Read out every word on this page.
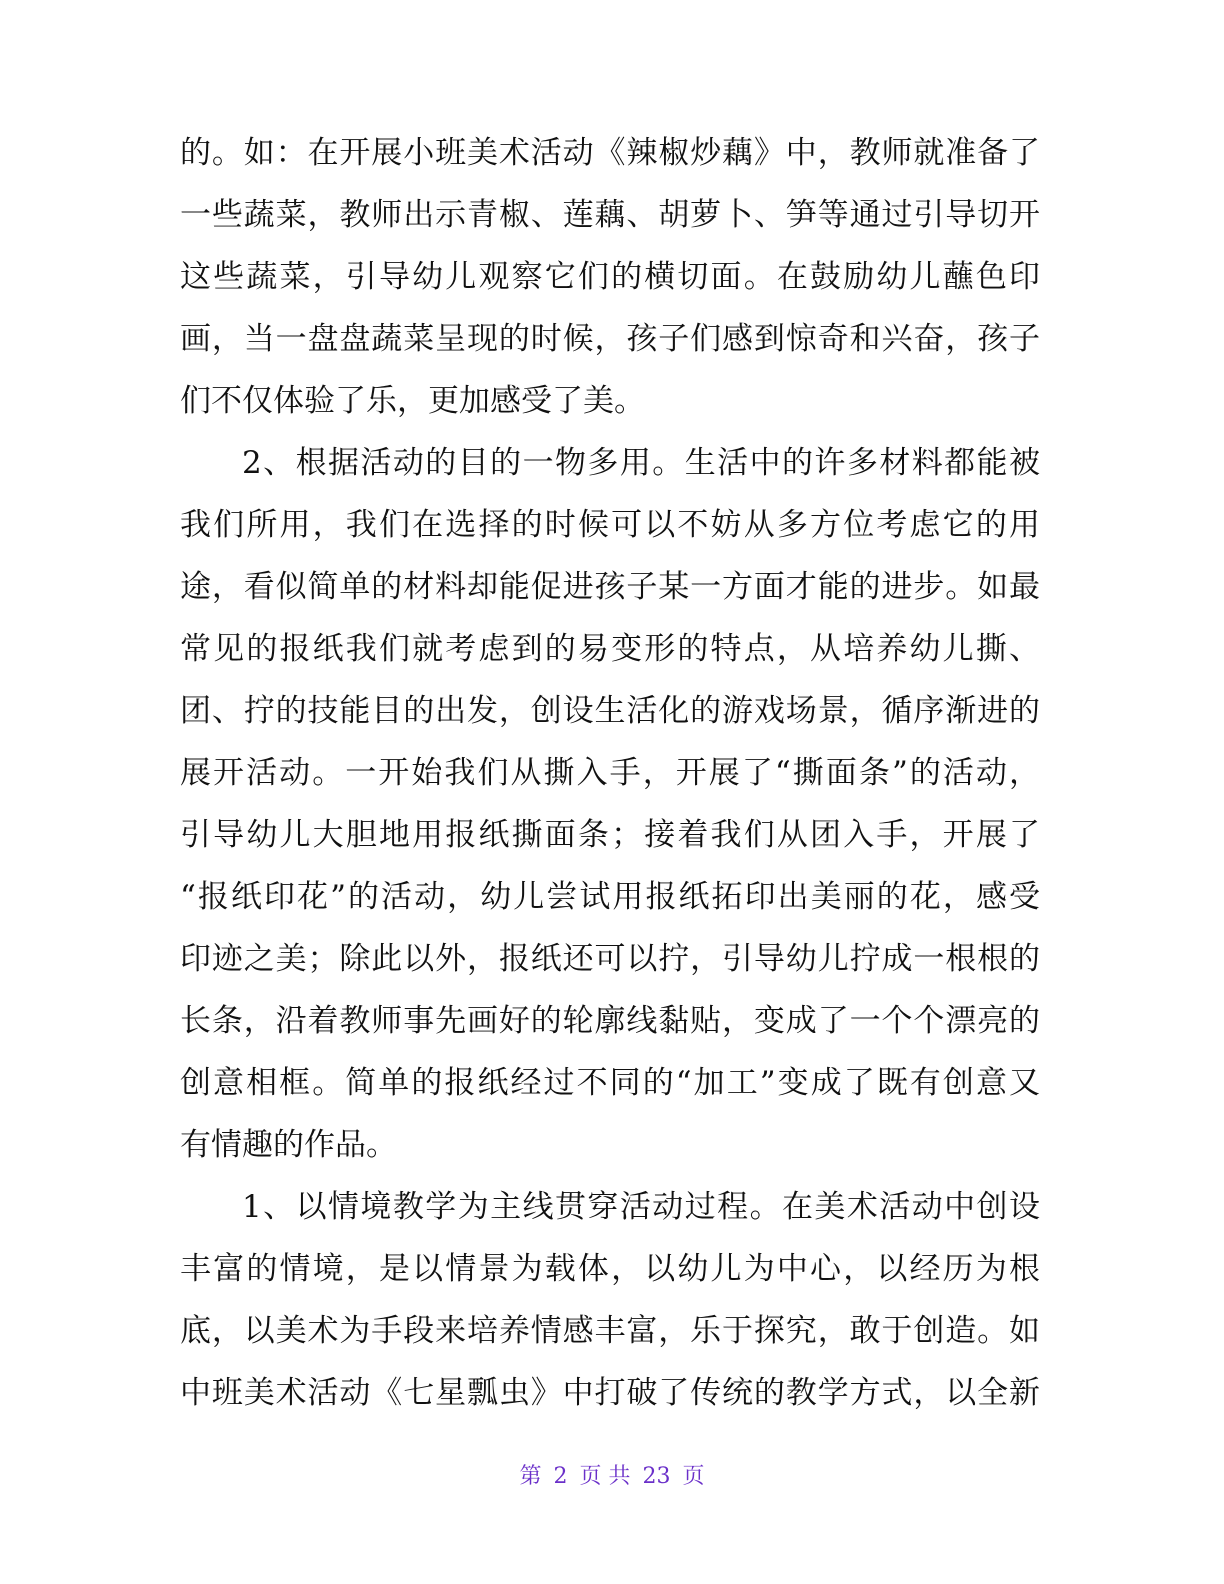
的。如：在开展小班美术活动《辣椒炒藕》中，教师就准备了
一些蔬菜，教师出示青椒、莲藕、胡萝卜、笋等通过引导切开
这些蔬菜，引导幼儿观察它们的横切面。在鼓励幼儿蘸色印
画，当一盘盘蔬菜呈现的时候，孩子们感到惊奇和兴奋，孩子
们不仅体验了乐，更加感受了美。
2、根据活动的目的一物多用。生活中的许多材料都能被
我们所用，我们在选择的时候可以不妨从多方位考虑它的用
途，看似简单的材料却能促进孩子某一方面才能的进步。如最
常见的报纸我们就考虑到的易变形的特点，从培养幼儿撕、
团、拧的技能目的出发，创设生活化的游戏场景，循序渐进的
展开活动。一开始我们从撕入手，开展了“撕面条”的活动，
引导幼儿大胆地用报纸撕面条；接着我们从团入手，开展了
“报纸印花”的活动，幼儿尝试用报纸拓印出美丽的花，感受
印迹之美；除此以外，报纸还可以拧，引导幼儿拧成一根根的
长条，沿着教师事先画好的轮廓线黏贴，变成了一个个漂亮的
创意相框。简单的报纸经过不同的“加工”变成了既有创意又
有情趣的作品。
1、以情境教学为主线贯穿活动过程。在美术活动中创设
丰富的情境，是以情景为载体，以幼儿为中心，以经历为根
底，以美术为手段来培养情感丰富，乐于探究，敢于创造。如
中班美术活动《七星瓢虫》中打破了传统的教学方式，以全新
第 2 页 共 23 页
